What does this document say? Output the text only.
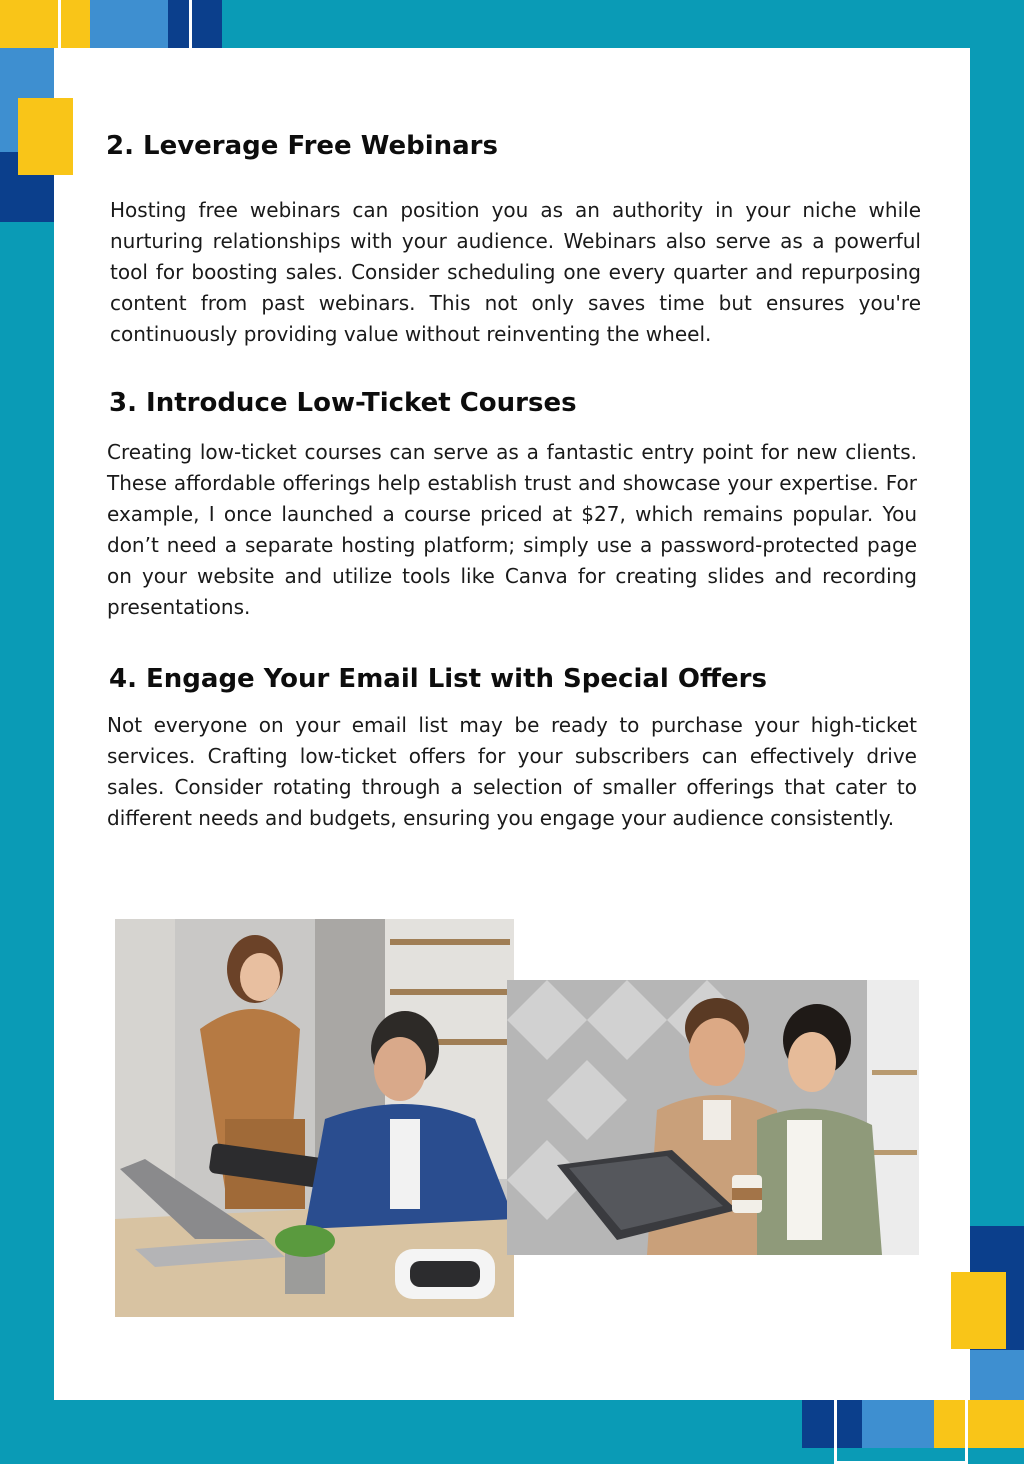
2. Leverage Free Webinars

Hosting free webinars can position you as an authority in your niche while nurturing relationships with your audience. Webinars also serve as a powerful tool for boosting sales. Consider scheduling one every quarter and repurposing content from past webinars. This not only saves time but ensures you're continuously providing value without reinventing the wheel.

3. Introduce Low-Ticket Courses

Creating low-ticket courses can serve as a fantastic entry point for new clients. These affordable offerings help establish trust and showcase your expertise. For example, I once launched a course priced at $27, which remains popular. You don’t need a separate hosting platform; simply use a password-protected page on your website and utilize tools like Canva for creating slides and recording presentations.

4. Engage Your Email List with Special Offers

Not everyone on your email list may be ready to purchase your high-ticket services. Crafting low-ticket offers for your subscribers can effectively drive sales. Consider rotating through a selection of smaller offerings that cater to different needs and budgets, ensuring you engage your audience consistently.
